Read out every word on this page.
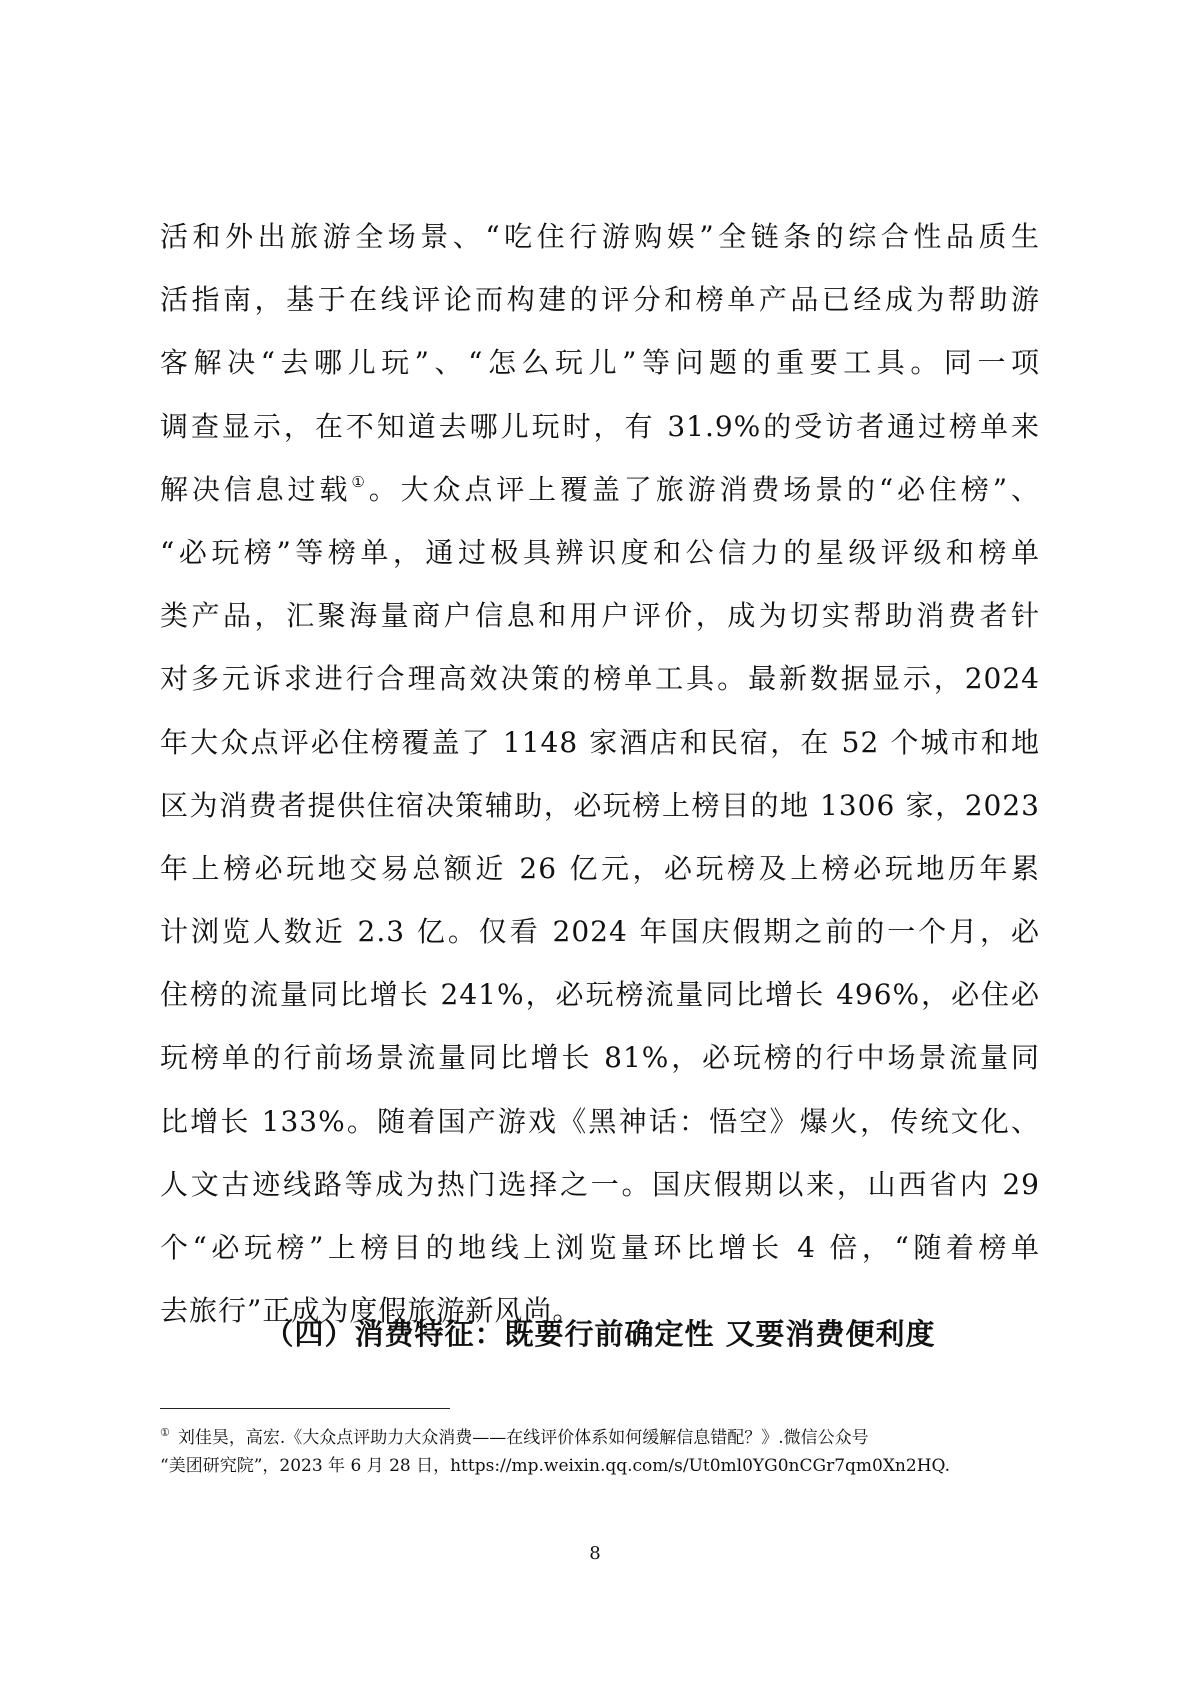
活和外出旅游全场景、“吃住行游购娱”全链条的综合性品质生
活指南，基于在线评论而构建的评分和榜单产品已经成为帮助游
客解决“去哪儿玩”、“怎么玩儿”等问题的重要工具。同一项
调查显示，在不知道去哪儿玩时，有 31.9%的受访者通过榜单来
解决信息过载①。大众点评上覆盖了旅游消费场景的“必住榜”、
“必玩榜”等榜单，通过极具辨识度和公信力的星级评级和榜单
类产品，汇聚海量商户信息和用户评价，成为切实帮助消费者针
对多元诉求进行合理高效决策的榜单工具。最新数据显示，2024
年大众点评必住榜覆盖了 1148 家酒店和民宿，在 52 个城市和地
区为消费者提供住宿决策辅助，必玩榜上榜目的地 1306 家，2023
年上榜必玩地交易总额近 26 亿元，必玩榜及上榜必玩地历年累
计浏览人数近 2.3 亿。仅看 2024 年国庆假期之前的一个月，必
住榜的流量同比增长 241%，必玩榜流量同比增长 496%，必住必
玩榜单的行前场景流量同比增长 81%，必玩榜的行中场景流量同
比增长 133%。随着国产游戏《黑神话：悟空》爆火，传统文化、
人文古迹线路等成为热门选择之一。国庆假期以来，山西省内 29
个“必玩榜”上榜目的地线上浏览量环比增长 4 倍，“随着榜单
去旅行”正成为度假旅游新风尚。
（四）消费特征：既要行前确定性 又要消费便利度
① 刘佳昊，高宏.《大众点评助力大众消费——在线评价体系如何缓解信息错配？》.微信公众号
“美团研究院”，2023 年 6 月 28 日，https://mp.weixin.qq.com/s/Ut0ml0YG0nCGr7qm0Xn2HQ.
8
